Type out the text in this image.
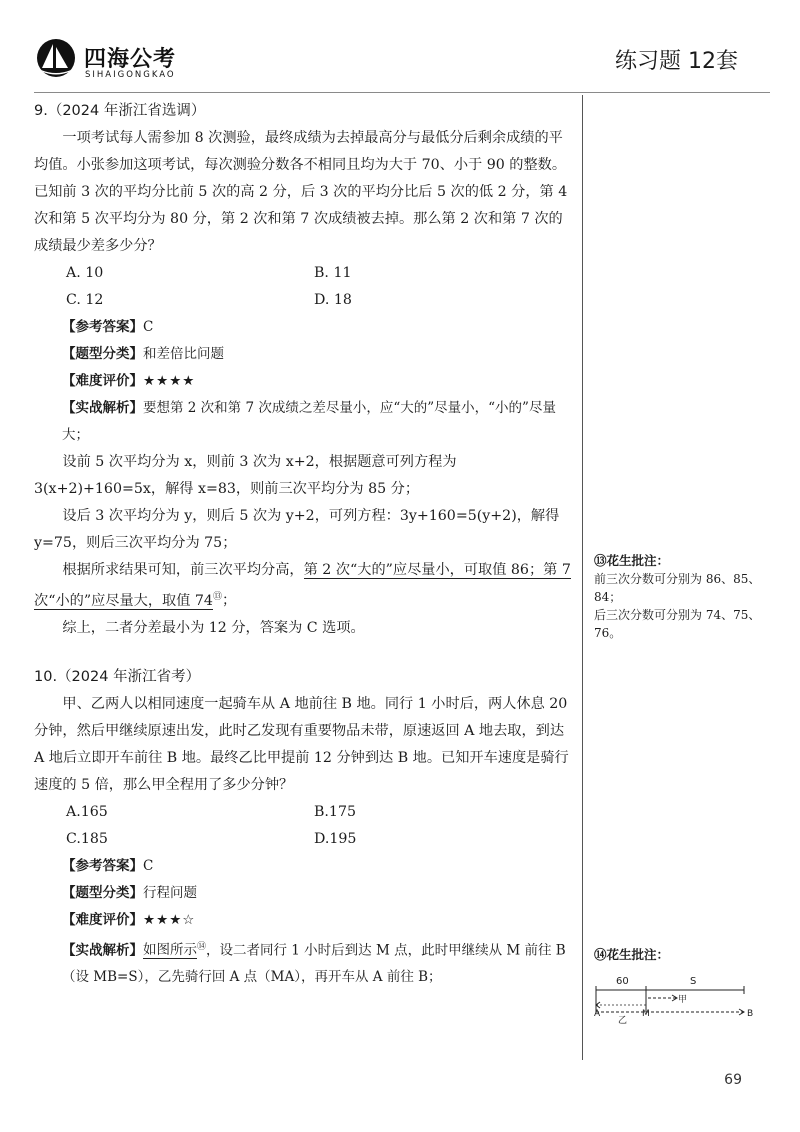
四海公考
SIHAIGONGKAO
练习题 12套

9.（2024 年浙江省选调）

一项考试每人需参加 8 次测验，最终成绩为去掉最高分与最低分后剩余成绩的平均值。小张参加这项考试，每次测验分数各不相同且均为大于 70、小于 90 的整数。已知前 3 次的平均分比前 5 次的高 2 分，后 3 次的平均分比后 5 次的低 2 分，第 4 次和第 5 次平均分为 80 分，第 2 次和第 7 次成绩被去掉。那么第 2 次和第 7 次的成绩最少差多少分？

A. 10	B. 11
C. 12	D. 18

【参考答案】C

【题型分类】和差倍比问题

【难度评价】★★★★

【实战解析】要想第 2 次和第 7 次成绩之差尽量小，应“大的”尽量小，“小的”尽量大；

设前 5 次平均分为 x，则前 3 次为 x+2，根据题意可列方程为 3(x+2)+160=5x，解得 x=83，则前三次平均分为 85 分；

设后 3 次平均分为 y，则后 5 次为 y+2，可列方程：3y+160=5(y+2)，解得 y=75，则后三次平均分为 75；

根据所求结果可知，前三次平均分高，第 2 次“大的”应尽量小，可取值 86；第 7 次“小的”应尽量大，取值 74⑬；

综上，二者分差最小为 12 分，答案为 C 选项。

10.（2024 年浙江省考）

甲、乙两人以相同速度一起骑车从 A 地前往 B 地。同行 1 小时后，两人休息 20 分钟，然后甲继续原速出发，此时乙发现有重要物品未带，原速返回 A 地去取，到达 A 地后立即开车前往 B 地。最终乙比甲提前 12 分钟到达 B 地。已知开车速度是骑行速度的 5 倍，那么甲全程用了多少分钟？

A.165	B.175
C.185	D.195

【参考答案】C

【题型分类】行程问题

【难度评价】★★★☆

【实战解析】如图所示⑭，设二者同行 1 小时后到达 M 点，此时甲继续从 M 前往 B（设 MB=S），乙先骑行回 A 点（MA），再开车从 A 前往 B；

⑬花生批注：

前三次分数可分别为 86、85、84；

后三次分数可分别为 74、75、76。

⑭花生批注：

60	S
甲
A	M	B
乙
69
